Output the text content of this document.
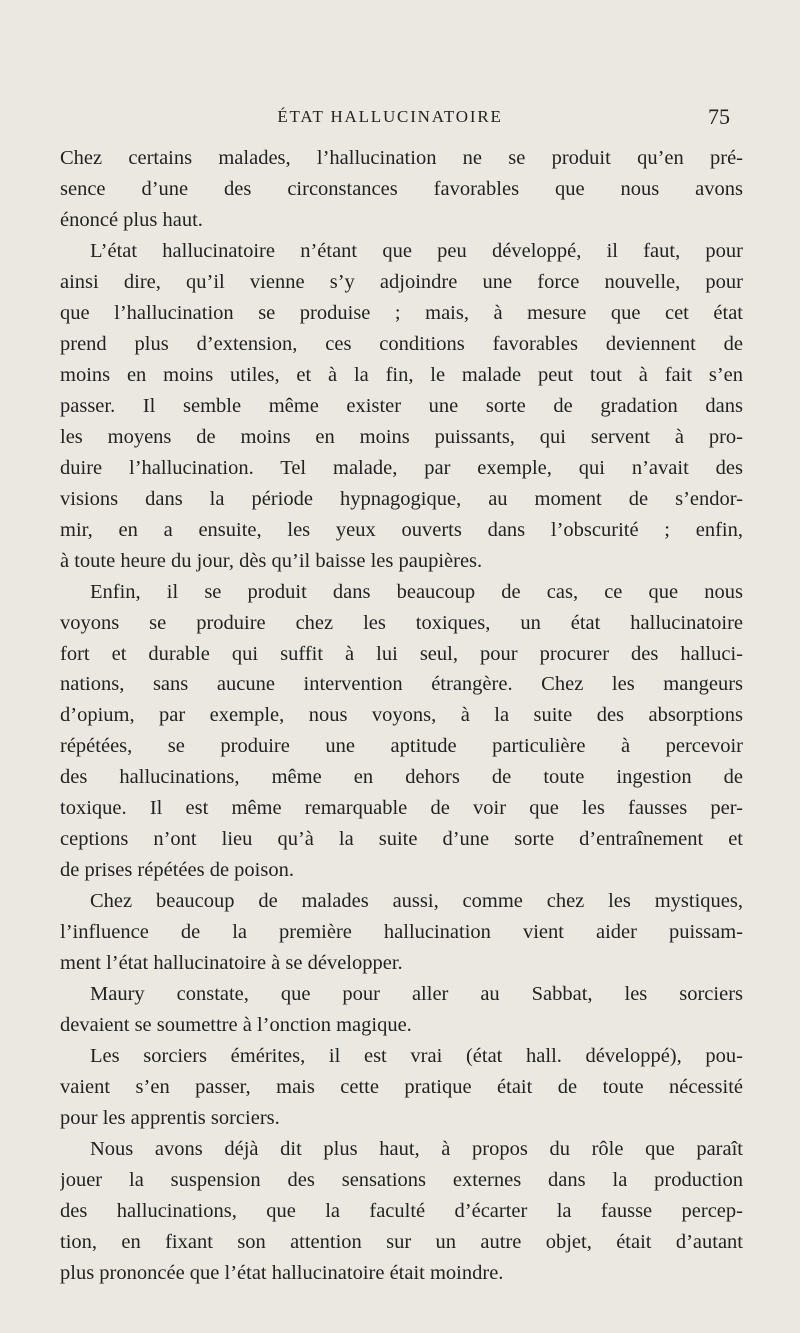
ÉTAT HALLUCINATOIRE	75
Chez certains malades, l’hallucination ne se produit qu’en pré-
sence d’une des circonstances favorables que nous avons
énoncé plus haut.
L’état hallucinatoire n’étant que peu développé, il faut, pour
ainsi dire, qu’il vienne s’y adjoindre une force nouvelle, pour
que l’hallucination se produise ; mais, à mesure que cet état
prend plus d’extension, ces conditions favorables deviennent de
moins en moins utiles, et à la fin, le malade peut tout à fait s’en
passer. Il semble même exister une sorte de gradation dans
les moyens de moins en moins puissants, qui servent à pro-
duire l’hallucination. Tel malade, par exemple, qui n’avait des
visions dans la période hypnagogique, au moment de s’endor-
mir, en a ensuite, les yeux ouverts dans l’obscurité ; enfin,
à toute heure du jour, dès qu’il baisse les paupières.
Enfin, il se produit dans beaucoup de cas, ce que nous
voyons se produire chez les toxiques, un état hallucinatoire
fort et durable qui suffit à lui seul, pour procurer des halluci-
nations, sans aucune intervention étrangère. Chez les mangeurs
d’opium, par exemple, nous voyons, à la suite des absorptions
répétées, se produire une aptitude particulière à percevoir
des hallucinations, même en dehors de toute ingestion de
toxique. Il est même remarquable de voir que les fausses per-
ceptions n’ont lieu qu’à la suite d’une sorte d’entraînement et
de prises répétées de poison.
Chez beaucoup de malades aussi, comme chez les mystiques,
l’influence de la première hallucination vient aider puissam-
ment l’état hallucinatoire à se développer.
Maury constate, que pour aller au Sabbat, les sorciers
devaient se soumettre à l’onction magique.
Les sorciers émérites, il est vrai (état hall. développé), pou-
vaient s’en passer, mais cette pratique était de toute nécessité
pour les apprentis sorciers.
Nous avons déjà dit plus haut, à propos du rôle que paraît
jouer la suspension des sensations externes dans la production
des hallucinations, que la faculté d’écarter la fausse percep-
tion, en fixant son attention sur un autre objet, était d’autant
plus prononcée que l’état hallucinatoire était moindre.
